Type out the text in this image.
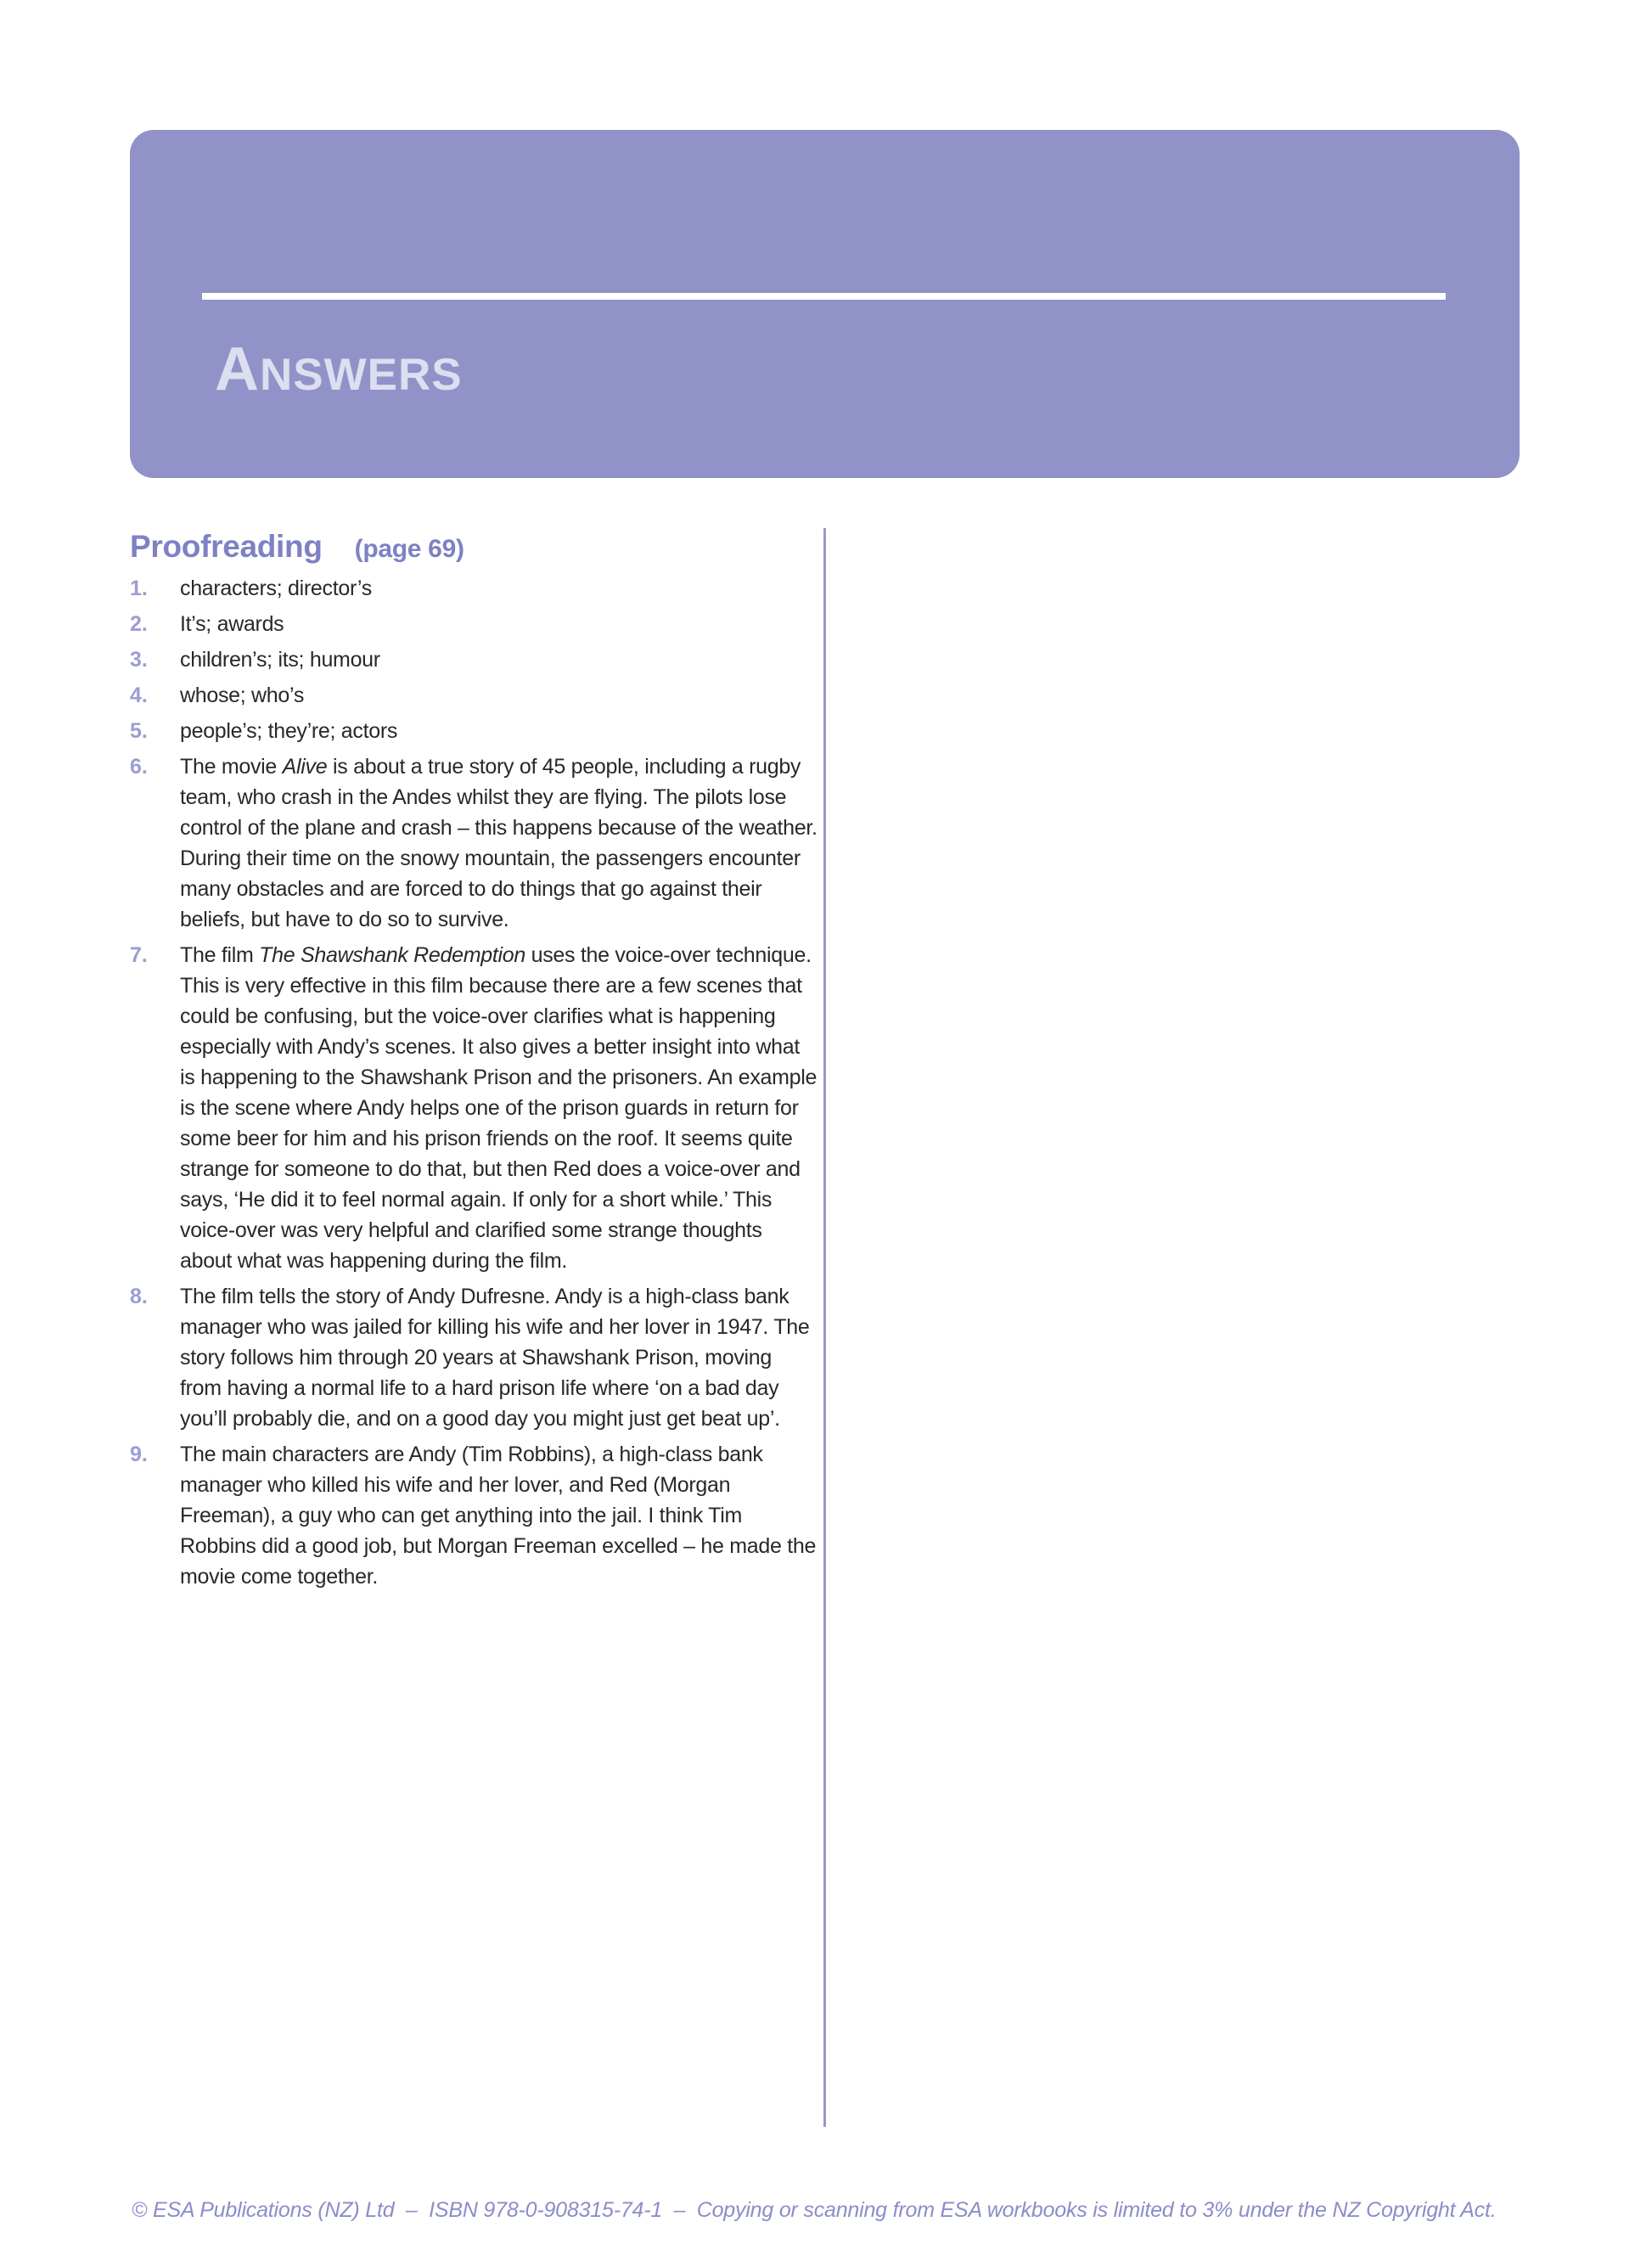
ANSWERS
Proofreading (page 69)
1.	characters; director’s
2.	It’s; awards
3.	children’s; its; humour
4.	whose; who’s
5.	people’s; they’re; actors
6.	The movie Alive is about a true story of 45 people, including a rugby team, who crash in the Andes whilst they are flying. The pilots lose control of the plane and crash – this happens because of the weather. During their time on the snowy mountain, the passengers encounter many obstacles and are forced to do things that go against their beliefs, but have to do so to survive.
7.	The film The Shawshank Redemption uses the voice-over technique. This is very effective in this film because there are a few scenes that could be confusing, but the voice-over clarifies what is happening especially with Andy’s scenes. It also gives a better insight into what is happening to the Shawshank Prison and the prisoners. An example is the scene where Andy helps one of the prison guards in return for some beer for him and his prison friends on the roof. It seems quite strange for someone to do that, but then Red does a voice-over and says, ‘He did it to feel normal again. If only for a short while.’ This voice-over was very helpful and clarified some strange thoughts about what was happening during the film.
8.	The film tells the story of Andy Dufresne. Andy is a high-class bank manager who was jailed for killing his wife and her lover in 1947. The story follows him through 20 years at Shawshank Prison, moving from having a normal life to a hard prison life where ‘on a bad day you’ll probably die, and on a good day you might just get beat up’.
9.	The main characters are Andy (Tim Robbins), a high-class bank manager who killed his wife and her lover, and Red (Morgan Freeman), a guy who can get anything into the jail. I think Tim Robbins did a good job, but Morgan Freeman excelled – he made the movie come together.
© ESA Publications (NZ) Ltd  –  ISBN 978-0-908315-74-1  –  Copying or scanning from ESA workbooks is limited to 3% under the NZ Copyright Act.
